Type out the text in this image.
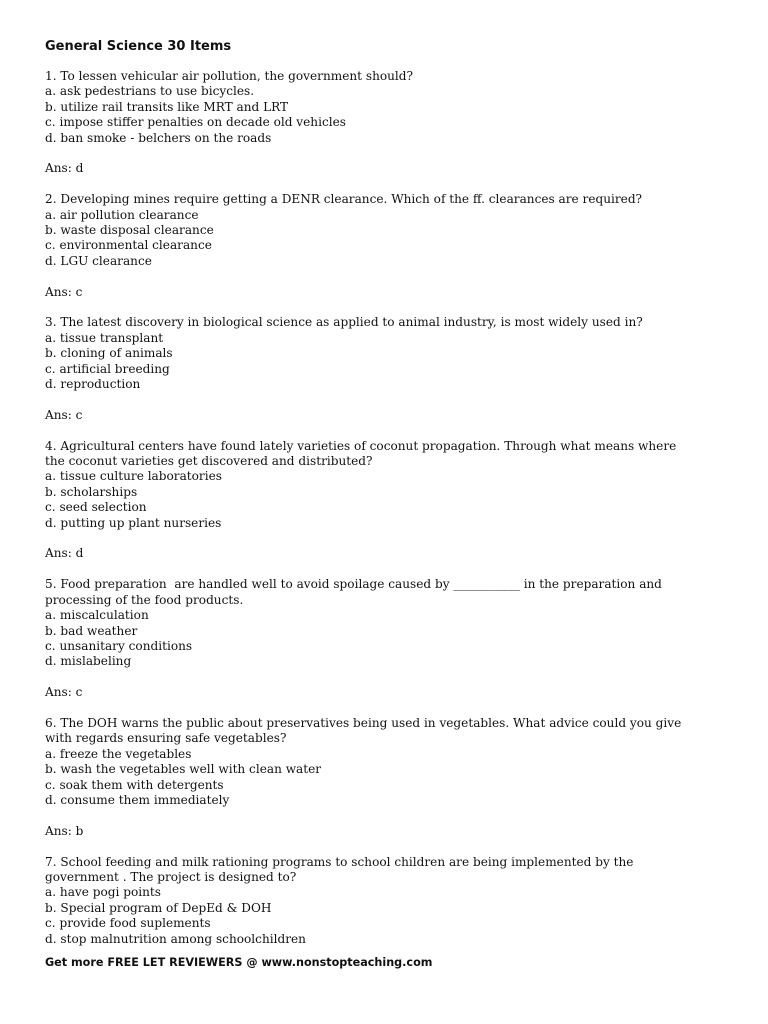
General Science 30 Items
1. To lessen vehicular air pollution, the government should?
a. ask pedestrians to use bicycles.
b. utilize rail transits like MRT and LRT
c. impose stiffer penalties on decade old vehicles
d. ban smoke - belchers on the roads
Ans: d
2. Developing mines require getting a DENR clearance. Which of the ff. clearances are required?
a. air pollution clearance
b. waste disposal clearance
c. environmental clearance
d. LGU clearance
Ans: c
3. The latest discovery in biological science as applied to animal industry, is most widely used in?
a. tissue transplant
b. cloning of animals
c. artificial breeding
d. reproduction
Ans: c
4. Agricultural centers have found lately varieties of coconut propagation. Through what means where
the coconut varieties get discovered and distributed?
a. tissue culture laboratories
b. scholarships
c. seed selection
d. putting up plant nurseries
Ans: d
5. Food preparation  are handled well to avoid spoilage caused by ___________ in the preparation and
processing of the food products.
a. miscalculation
b. bad weather
c. unsanitary conditions
d. mislabeling
Ans: c
6. The DOH warns the public about preservatives being used in vegetables. What advice could you give
with regards ensuring safe vegetables?
a. freeze the vegetables
b. wash the vegetables well with clean water
c. soak them with detergents
d. consume them immediately
Ans: b
7. School feeding and milk rationing programs to school children are being implemented by the
government . The project is designed to?
a. have pogi points
b. Special program of DepEd & DOH
c. provide food suplements
d. stop malnutrition among schoolchildren
Get more FREE LET REVIEWERS @ www.nonstopteaching.com
